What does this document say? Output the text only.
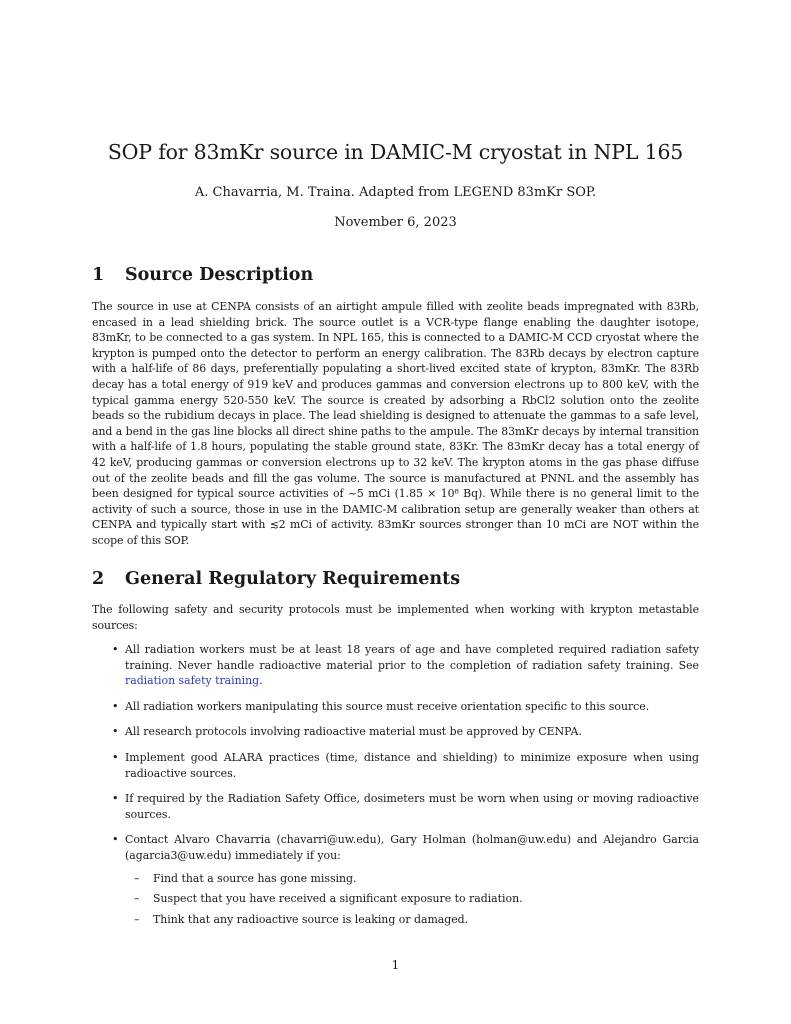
SOP for 83mKr source in DAMIC-M cryostat in NPL 165
A. Chavarria, M. Traina. Adapted from LEGEND 83mKr SOP.
November 6, 2023
1 Source Description
The source in use at CENPA consists of an airtight ampule filled with zeolite beads impregnated with 83Rb, encased in a lead shielding brick. The source outlet is a VCR-type flange enabling the daughter isotope, 83mKr, to be connected to a gas system. In NPL 165, this is connected to a DAMIC-M CCD cryostat where the krypton is pumped onto the detector to perform an energy calibration. The 83Rb decays by electron capture with a half-life of 86 days, preferentially populating a short-lived excited state of krypton, 83mKr. The 83Rb decay has a total energy of 919 keV and produces gammas and conversion electrons up to 800 keV, with the typical gamma energy 520-550 keV. The source is created by adsorbing a RbCl2 solution onto the zeolite beads so the rubidium decays in place. The lead shielding is designed to attenuate the gammas to a safe level, and a bend in the gas line blocks all direct shine paths to the ampule. The 83mKr decays by internal transition with a half-life of 1.8 hours, populating the stable ground state, 83Kr. The 83mKr decay has a total energy of 42 keV, producing gammas or conversion electrons up to 32 keV. The krypton atoms in the gas phase diffuse out of the zeolite beads and fill the gas volume. The source is manufactured at PNNL and the assembly has been designed for typical source activities of ~5 mCi (1.85 × 10⁸ Bq). While there is no general limit to the activity of such a source, those in use in the DAMIC-M calibration setup are generally weaker than others at CENPA and typically start with ≲2 mCi of activity. 83mKr sources stronger than 10 mCi are NOT within the scope of this SOP.
2 General Regulatory Requirements
The following safety and security protocols must be implemented when working with krypton metastable sources:
• All radiation workers must be at least 18 years of age and have completed required radiation safety training. Never handle radioactive material prior to the completion of radiation safety training. See radiation safety training.
• All radiation workers manipulating this source must receive orientation specific to this source.
• All research protocols involving radioactive material must be approved by CENPA.
• Implement good ALARA practices (time, distance and shielding) to minimize exposure when using radioactive sources.
• If required by the Radiation Safety Office, dosimeters must be worn when using or moving radioactive sources.
• Contact Alvaro Chavarria (chavarri@uw.edu), Gary Holman (holman@uw.edu) and Alejandro Garcia (agarcia3@uw.edu) immediately if you:
– Find that a source has gone missing.
– Suspect that you have received a significant exposure to radiation.
– Think that any radioactive source is leaking or damaged.
1
